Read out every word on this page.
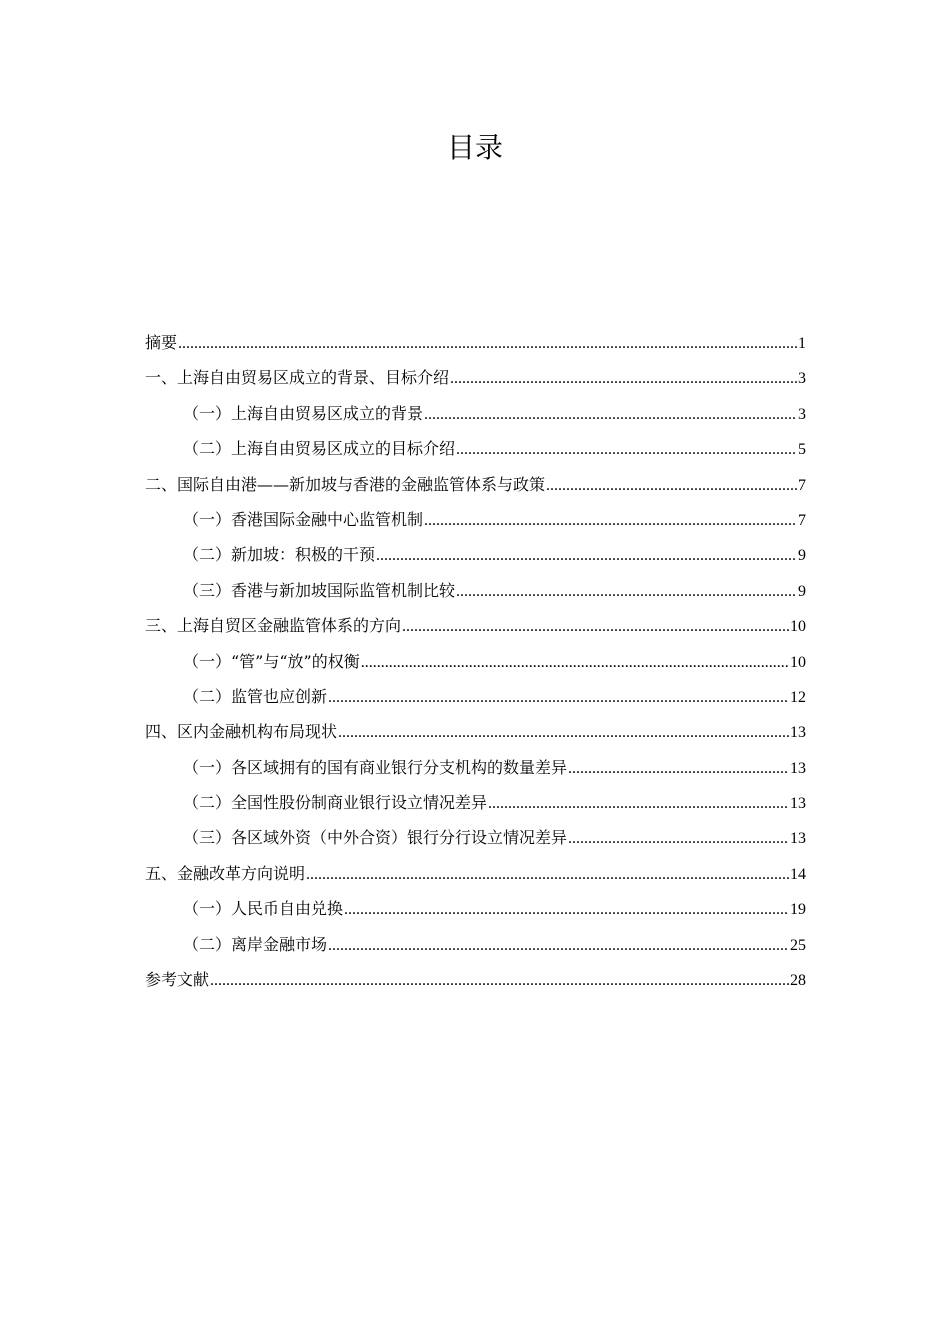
目录
摘要 .....	1
一、上海自由贸易区成立的背景、目标介绍 .....	3
（一）上海自由贸易区成立的背景 .....	3
（二）上海自由贸易区成立的目标介绍 .....	5
二、国际自由港——新加坡与香港的金融监管体系与政策 .....	7
（一）香港国际金融中心监管机制 .....	7
（二）新加坡：积极的干预 .....	9
（三）香港与新加坡国际监管机制比较 .....	9
三、上海自贸区金融监管体系的方向 .....	10
（一）“管”与“放”的权衡 .....	10
（二）监管也应创新 .....	12
四、区内金融机构布局现状 .....	13
（一）各区域拥有的国有商业银行分支机构的数量差异 .....	13
（二）全国性股份制商业银行设立情况差异 .....	13
（三）各区域外资（中外合资）银行分行设立情况差异 .....	13
五、金融改革方向说明 .....	14
（一）人民币自由兑换 .....	19
（二）离岸金融市场 .....	25
参考文献 .....	28
